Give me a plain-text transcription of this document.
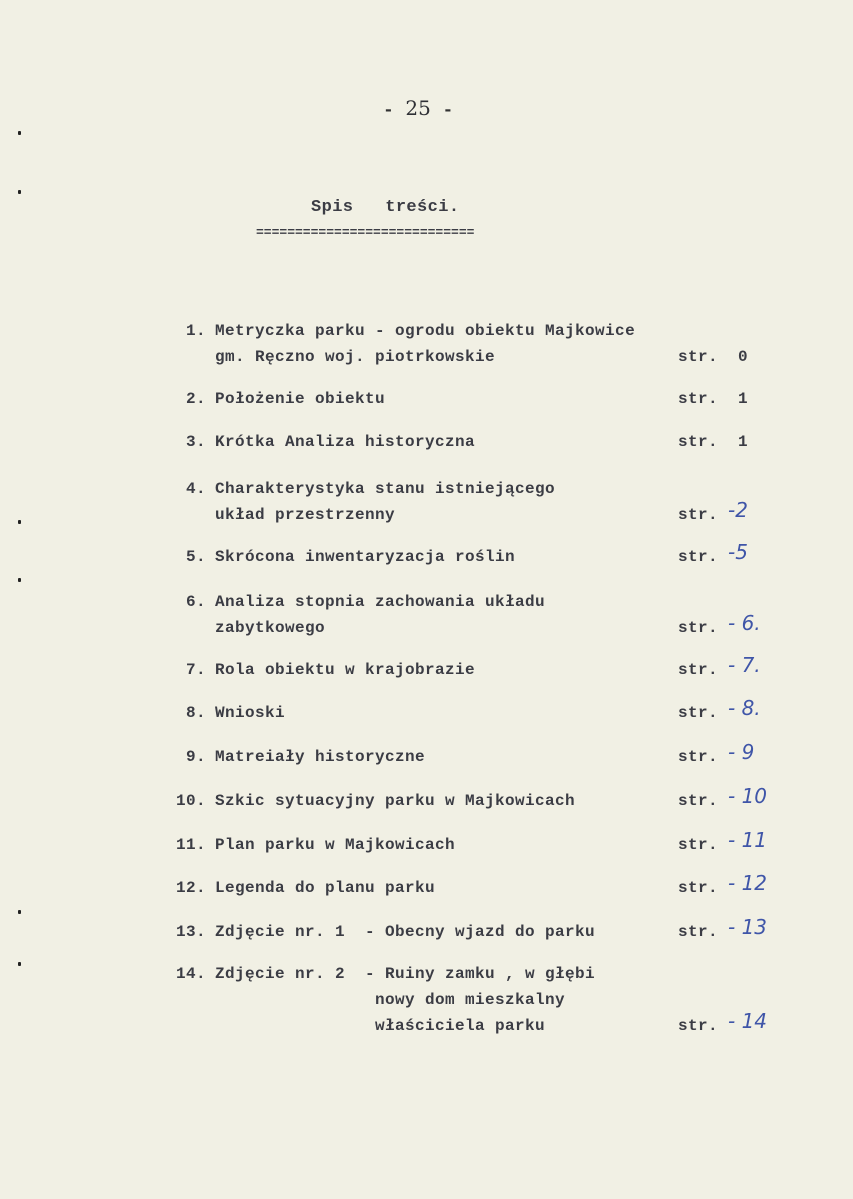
- 25 -
Spis   treści.
============================
1. Metryczka parku - ogrodu obiektu Majkowice
gm. Ręczno woj. piotrkowskie	str. 0
2. Położenie obiektu	str. 1
3. Krótka Analiza historyczna	str. 1
4. Charakterystyka stanu istniejącego
układ przestrzenny	str. -2
5. Skrócona inwentaryzacja roślin	str. -5
6. Analiza stopnia zachowania układu
zabytkowego	str. - 6.
7. Rola obiektu w krajobrazie	str. - 7.
8. Wnioski	str. - 8.
9. Matreiały historyczne	str. - 9
10. Szkic sytuacyjny parku w Majkowicach	str. - 10
11. Plan parku w Majkowicach	str. - 11
12. Legenda do planu parku	str. - 12
13. Zdjęcie nr. 1  - Obecny wjazd do parku	str. - 13
14. Zdjęcie nr. 2  - Ruiny zamku , w głębi
nowy dom mieszkalny
właściciela parku	str. - 14
